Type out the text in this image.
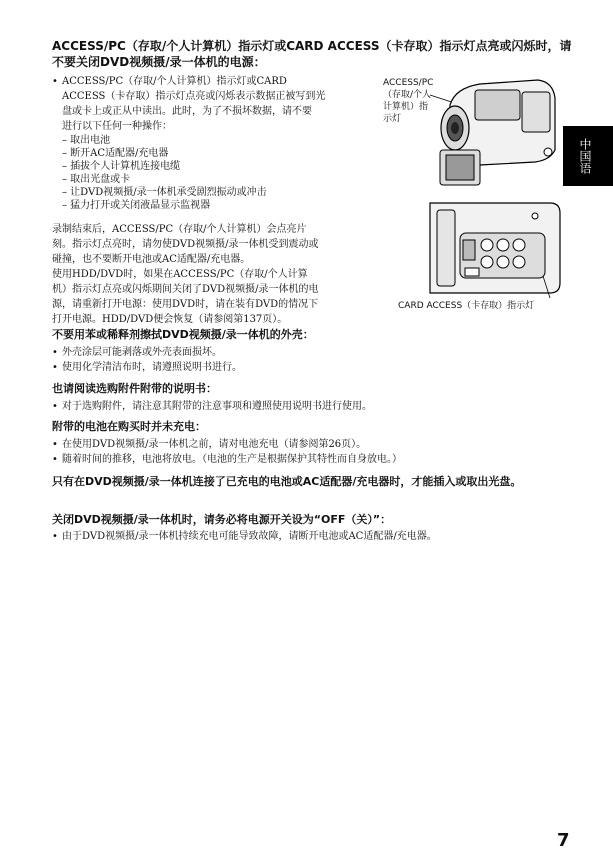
ACCESS/PC（存取/个人计算机）指示灯或CARD ACCESS（卡存取）指示灯点亮或闪烁时，请不要关闭DVD视频摄/录一体机的电源：
• ACCESS/PC（存取/个人计算机）指示灯或CARD
ACCESS（卡存取）指示灯点亮或闪烁表示数据正被写到光
盘或卡上或正从中读出。此时，为了不损坏数据，请不要
进行以下任何一种操作：
– 取出电池
– 断开AC适配器/充电器
– 插拔个人计算机连接电缆
– 取出光盘或卡
– 让DVD视频摄/录一体机承受剧烈振动或冲击
– 猛力打开或关闭液晶显示监视器
录制结束后，ACCESS/PC（存取/个人计算机）会点亮片
刻。指示灯点亮时，请勿使DVD视频摄/录一体机受到震动或
碰撞，也不要断开电池或AC适配器/充电器。
使用HDD/DVD时，如果在ACCESS/PC（存取/个人计算
机）指示灯点亮或闪烁期间关闭了DVD视频摄/录一体机的电
源，请重新打开电源：使用DVD时，请在装有DVD的情况下
打开电源。HDD/DVD便会恢复（请参阅第137页）。
ACCESS/PC
（存取/个人
计算机）指
示灯
CARD ACCESS（卡存取）指示灯
中国语
不要用苯或稀释剂擦拭DVD视频摄/录一体机的外壳：
• 外壳涂层可能剥落或外壳表面损坏。
• 使用化学清洁布时，请遵照说明书进行。
也请阅读选购附件附带的说明书：
• 对于选购附件，请注意其附带的注意事项和遵照使用说明书进行使用。
附带的电池在购买时并未充电：
• 在使用DVD视频摄/录一体机之前，请对电池充电（请参阅第26页）。
• 随着时间的推移，电池将放电。（电池的生产是根据保护其特性而自身放电。）
只有在DVD视频摄/录一体机连接了已充电的电池或AC适配器/充电器时，才能插入或取出光盘。
关闭DVD视频摄/录一体机时，请务必将电源开关设为“OFF（关）”：
• 由于DVD视频摄/录一体机持续充电可能导致故障，请断开电池或AC适配器/充电器。
7
